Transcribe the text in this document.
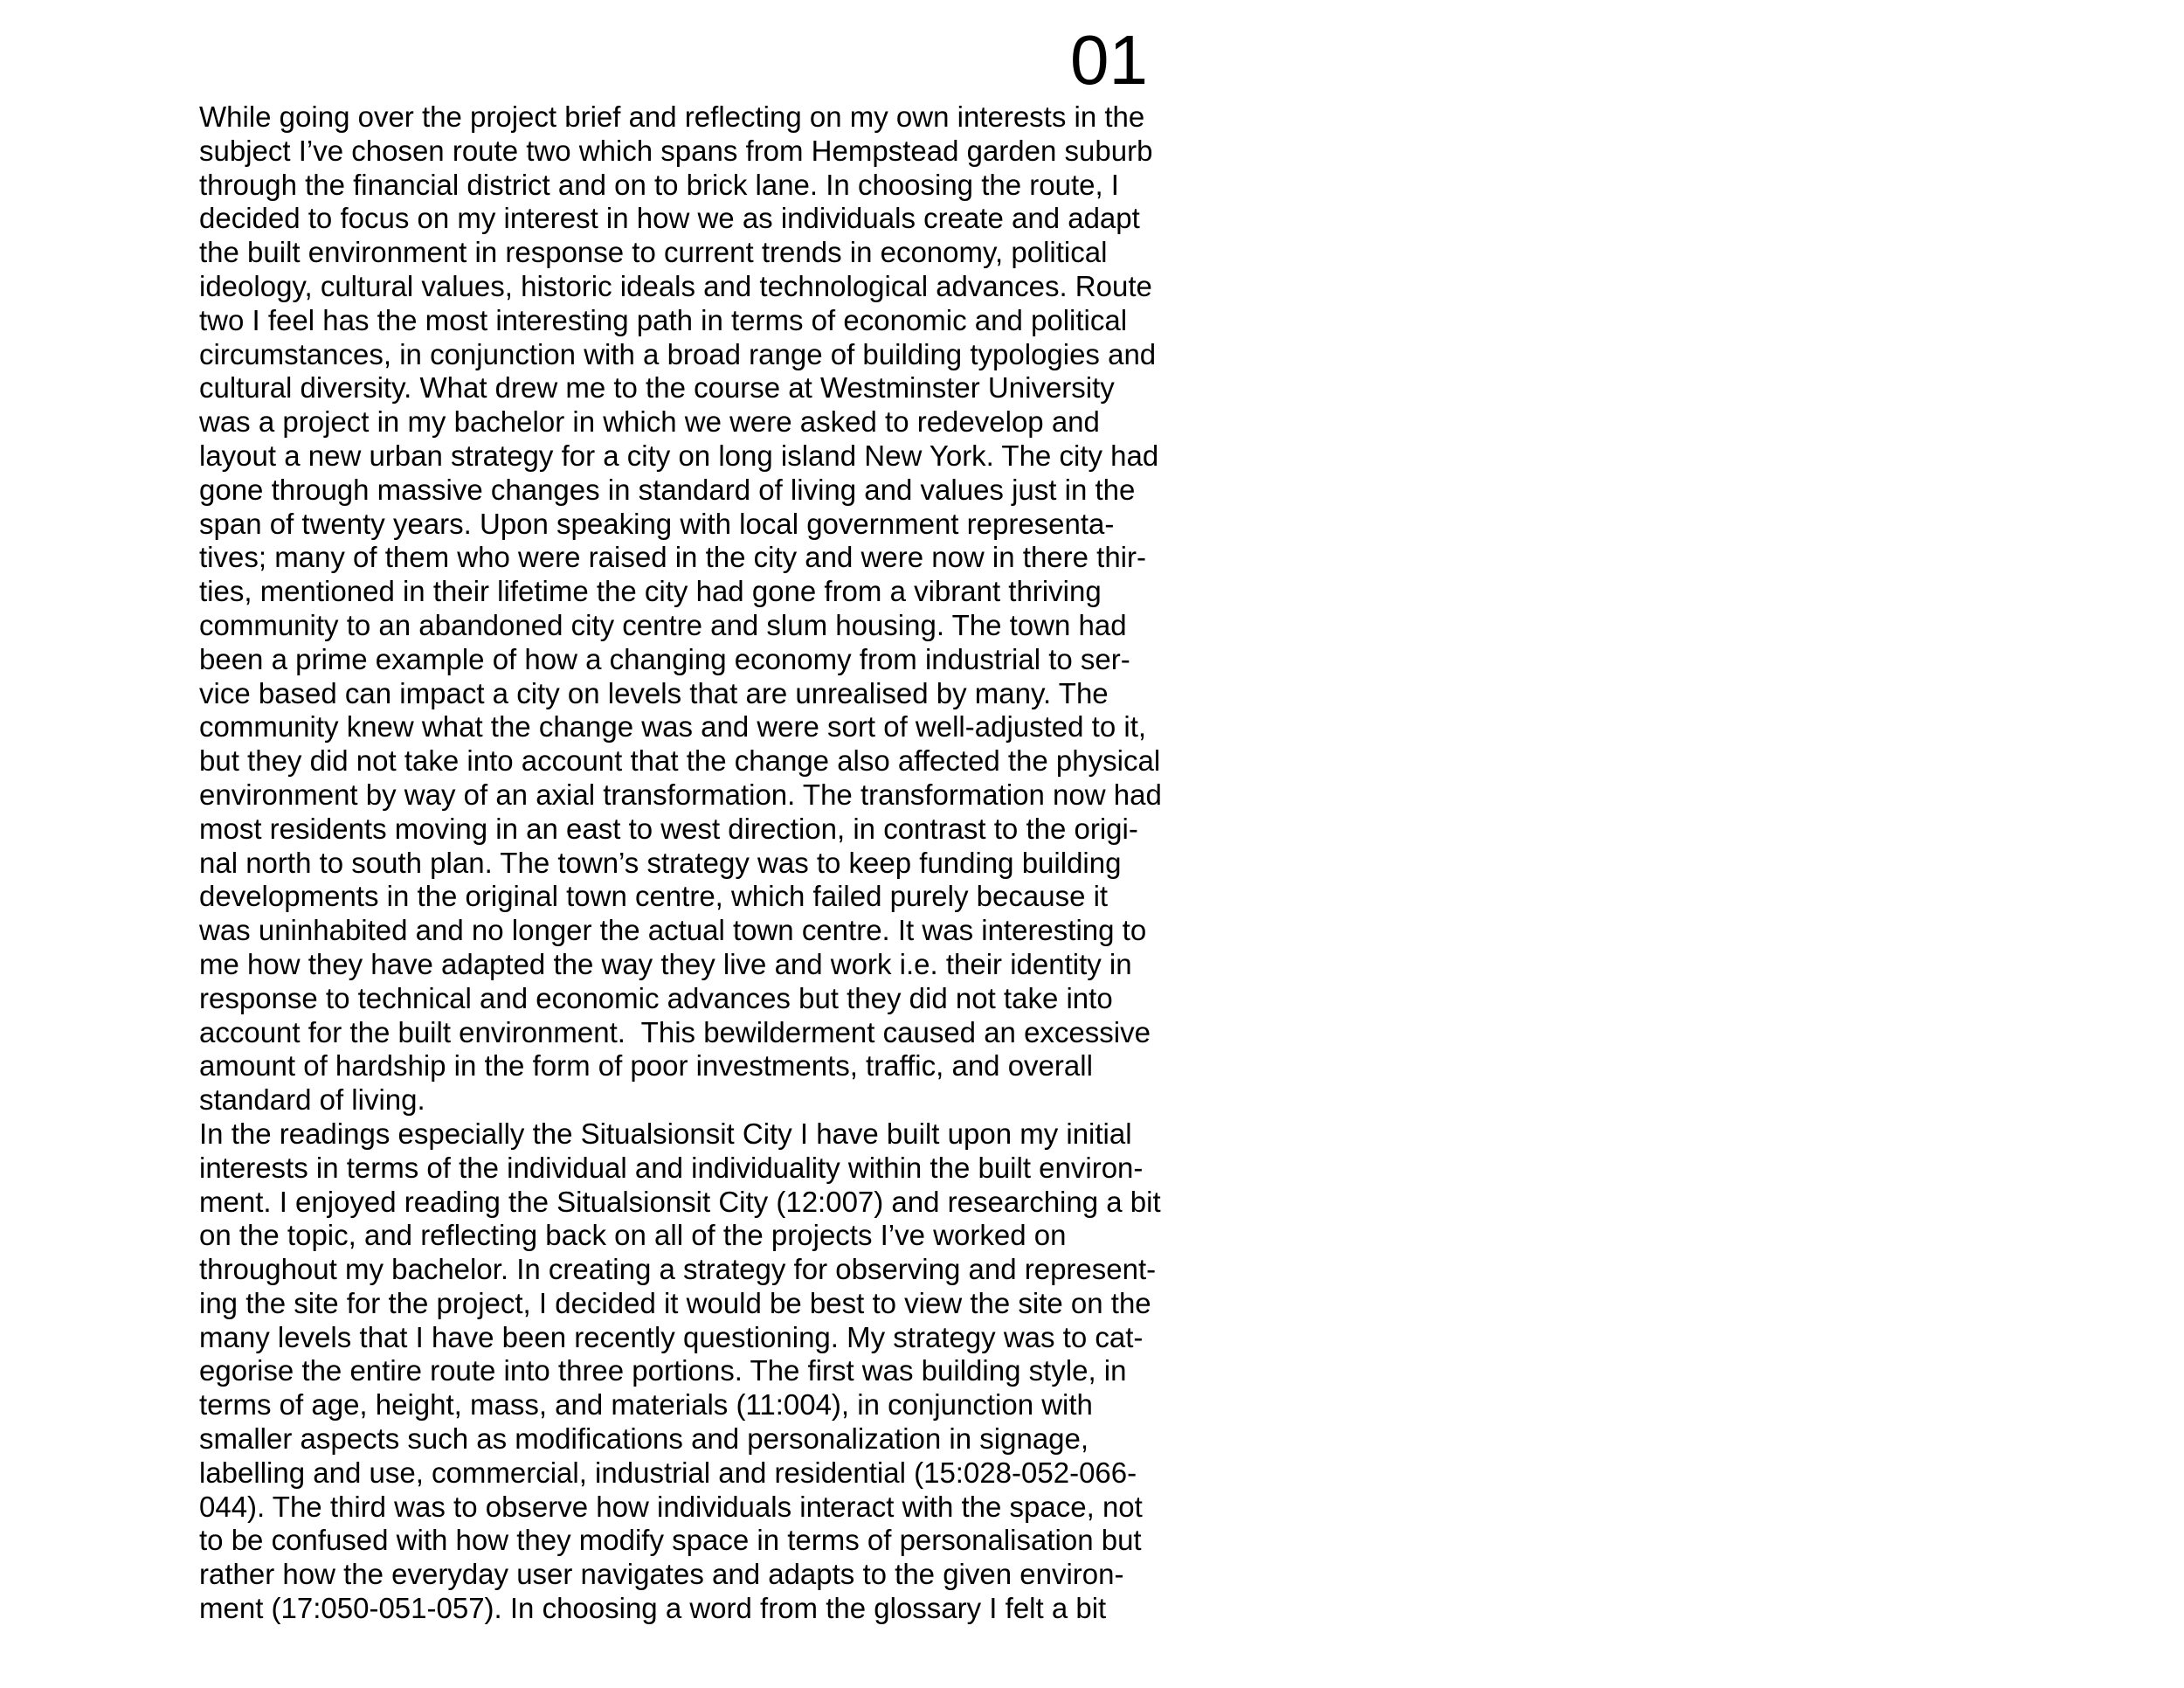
01
While going over the project brief and reflecting on my own interests in the
subject I’ve chosen route two which spans from Hempstead garden suburb
through the financial district and on to brick lane. In choosing the route, I
decided to focus on my interest in how we as individuals create and adapt
the built environment in response to current trends in economy, political
ideology, cultural values, historic ideals and technological advances. Route
two I feel has the most interesting path in terms of economic and political
circumstances, in conjunction with a broad range of building typologies and
cultural diversity. What drew me to the course at Westminster University
was a project in my bachelor in which we were asked to redevelop and
layout a new urban strategy for a city on long island New York. The city had
gone through massive changes in standard of living and values just in the
span of twenty years. Upon speaking with local government representa-
tives; many of them who were raised in the city and were now in there thir-
ties, mentioned in their lifetime the city had gone from a vibrant thriving
community to an abandoned city centre and slum housing. The town had
been a prime example of how a changing economy from industrial to ser-
vice based can impact a city on levels that are unrealised by many. The
community knew what the change was and were sort of well-adjusted to it,
but they did not take into account that the change also affected the physical
environment by way of an axial transformation. The transformation now had
most residents moving in an east to west direction, in contrast to the origi-
nal north to south plan. The town’s strategy was to keep funding building
developments in the original town centre, which failed purely because it
was uninhabited and no longer the actual town centre. It was interesting to
me how they have adapted the way they live and work i.e. their identity in
response to technical and economic advances but they did not take into
account for the built environment.  This bewilderment caused an excessive
amount of hardship in the form of poor investments, traffic, and overall
standard of living.
In the readings especially the Situalsionsit City I have built upon my initial
interests in terms of the individual and individuality within the built environ-
ment. I enjoyed reading the Situalsionsit City (12:007) and researching a bit
on the topic, and reflecting back on all of the projects I’ve worked on
throughout my bachelor. In creating a strategy for observing and represent-
ing the site for the project, I decided it would be best to view the site on the
many levels that I have been recently questioning. My strategy was to cat-
egorise the entire route into three portions. The first was building style, in
terms of age, height, mass, and materials (11:004), in conjunction with
smaller aspects such as modifications and personalization in signage,
labelling and use, commercial, industrial and residential (15:028-052-066-
044). The third was to observe how individuals interact with the space, not
to be confused with how they modify space in terms of personalisation but
rather how the everyday user navigates and adapts to the given environ-
ment (17:050-051-057). In choosing a word from the glossary I felt a bit
